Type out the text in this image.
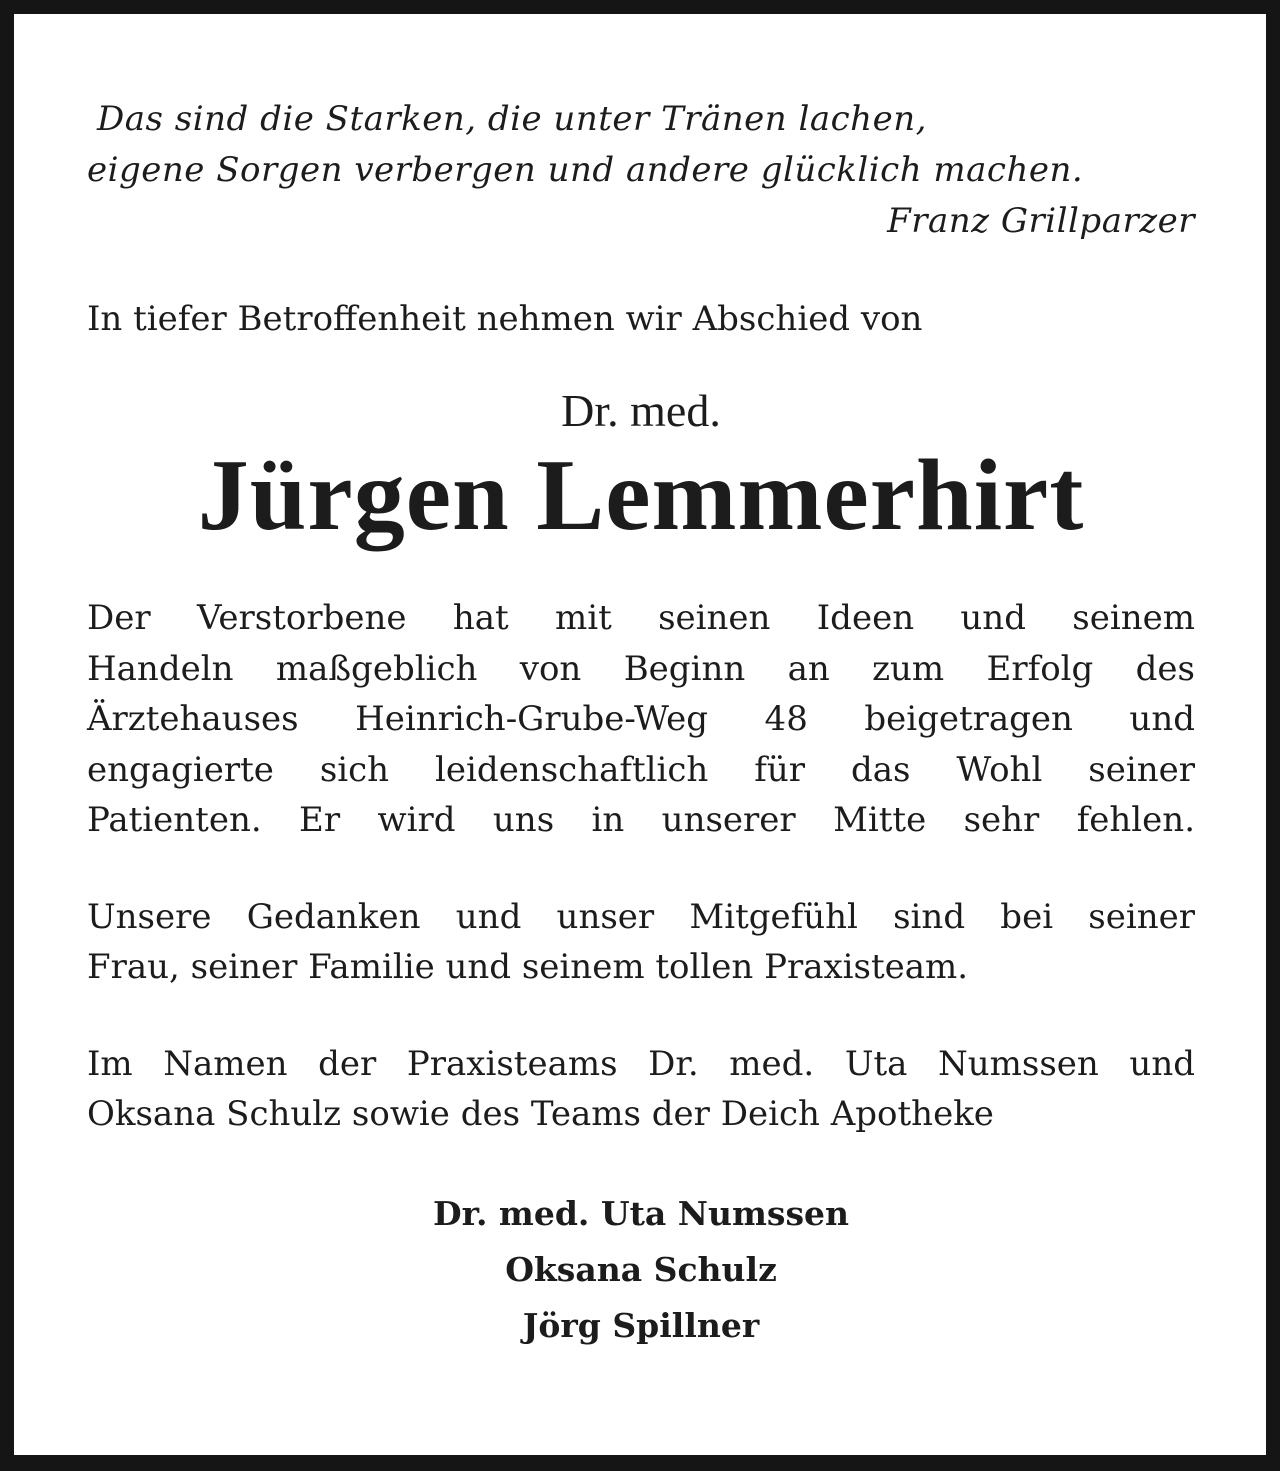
Das sind die Starken, die unter Tränen lachen,
eigene Sorgen verbergen und andere glücklich machen.
Franz Grillparzer
In tiefer Betroffenheit nehmen wir Abschied von
Dr. med.
Jürgen Lemmerhirt
Der Verstorbene hat mit seinen Ideen und seinem
Handeln maßgeblich von Beginn an zum Erfolg des
Ärztehauses Heinrich-Grube-Weg 48 beigetragen und
engagierte sich leidenschaftlich für das Wohl seiner
Patienten. Er wird uns in unserer Mitte sehr fehlen.
Unsere Gedanken und unser Mitgefühl sind bei seiner
Frau, seiner Familie und seinem tollen Praxisteam.
Im Namen der Praxisteams Dr. med. Uta Numssen und
Oksana Schulz sowie des Teams der Deich Apotheke
Dr. med. Uta Numssen
Oksana Schulz
Jörg Spillner
